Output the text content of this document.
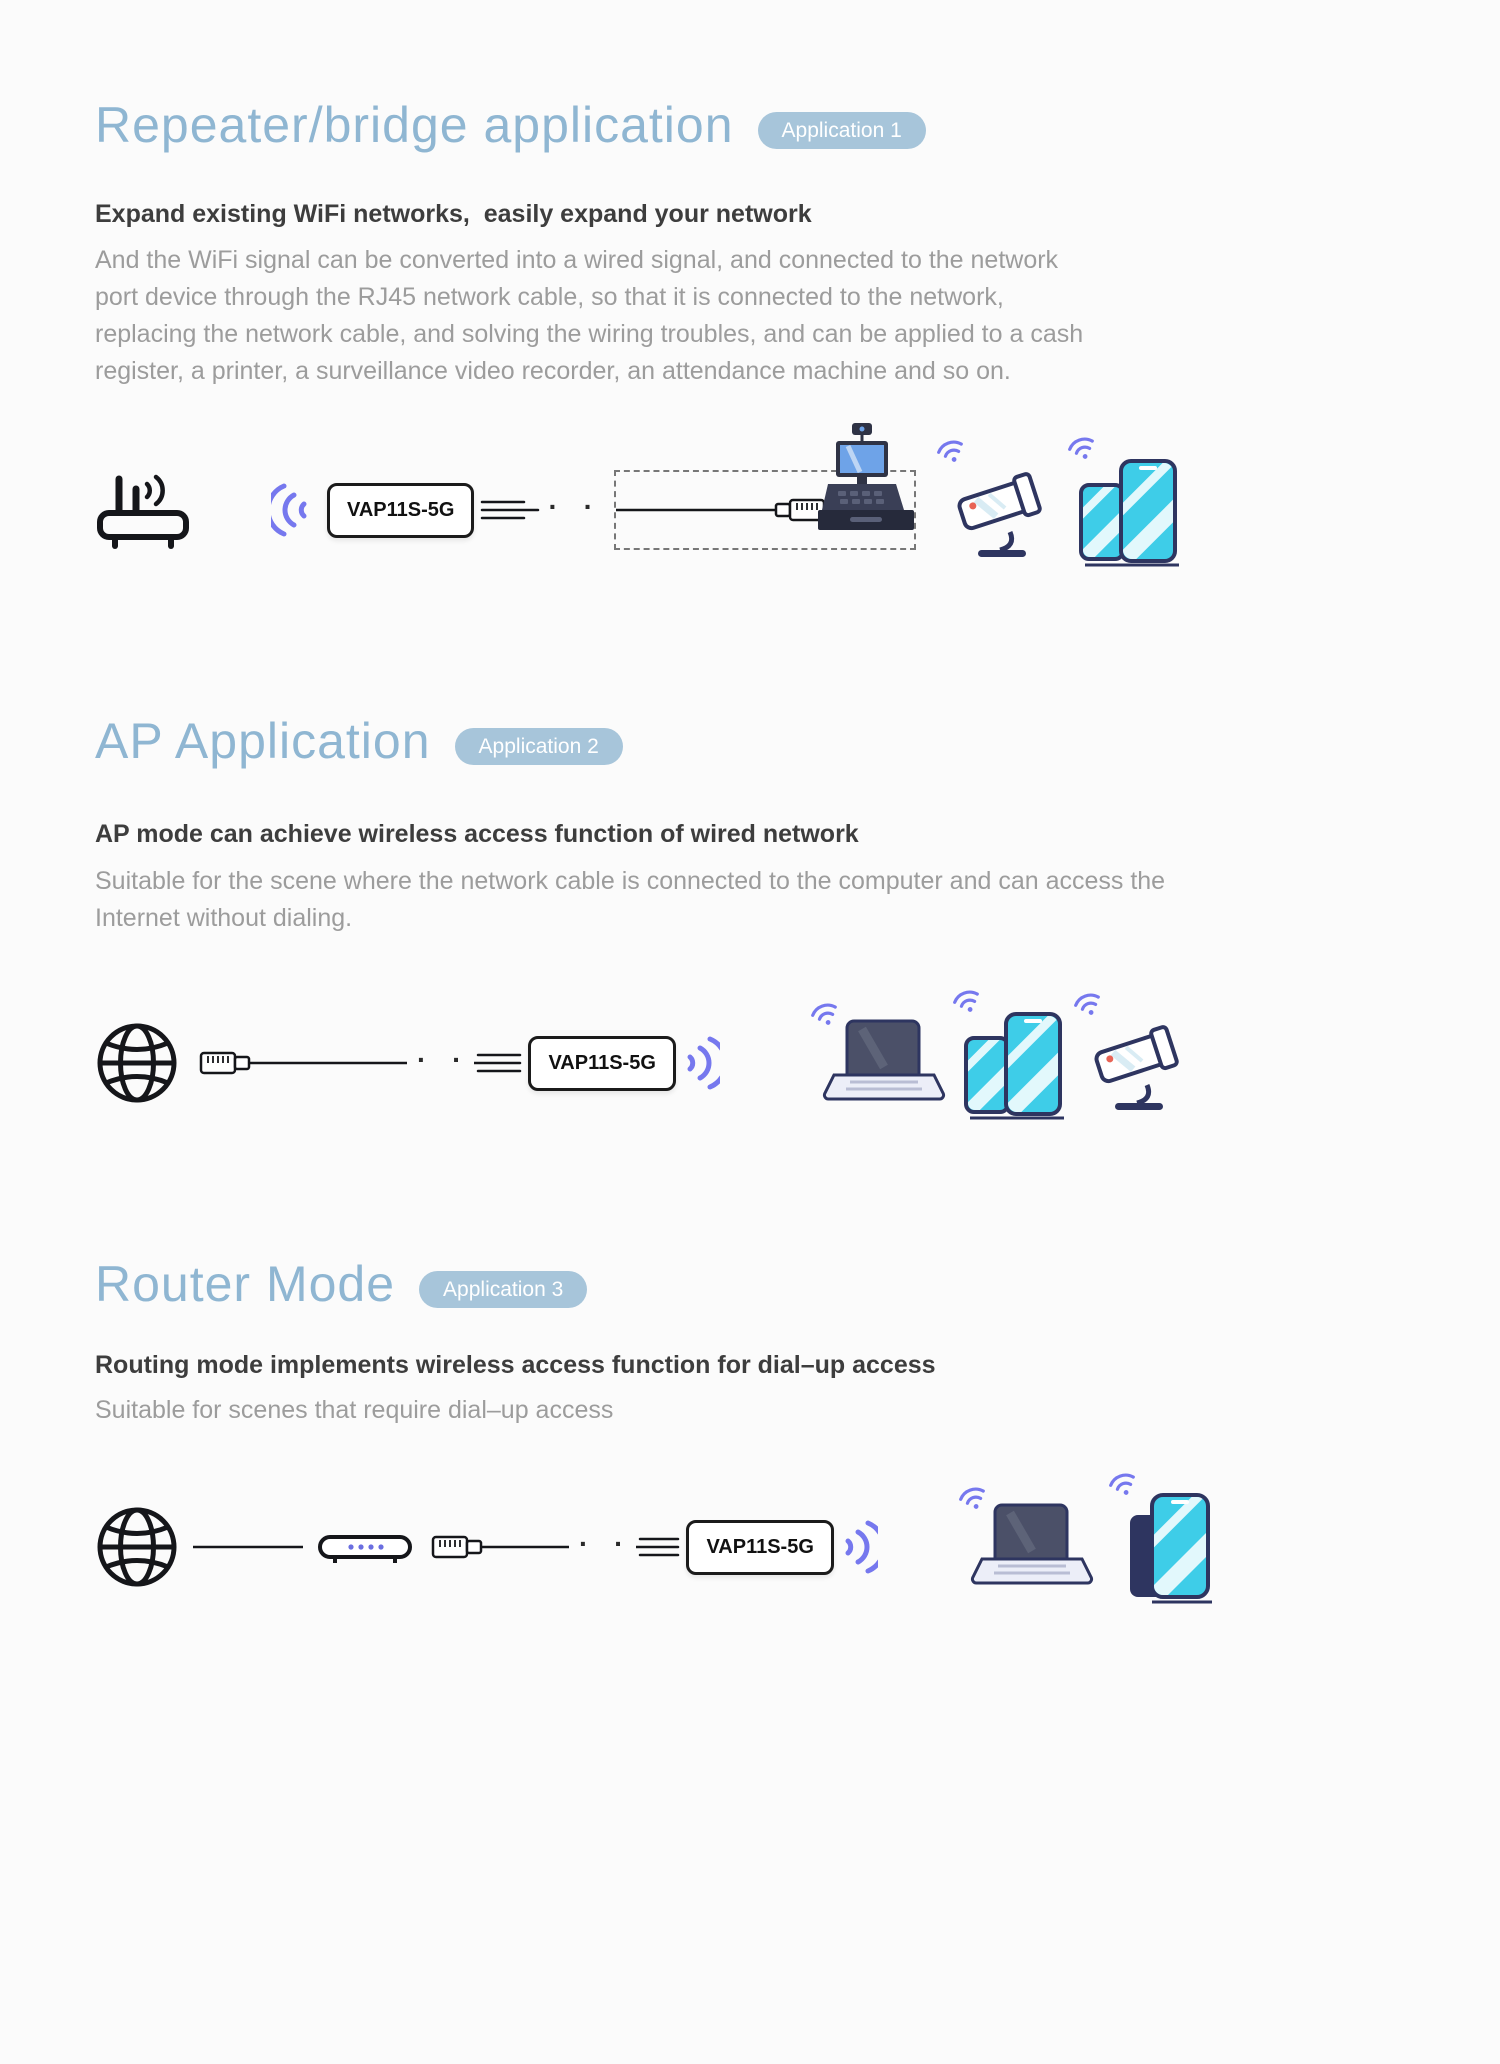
Repeater/bridge application	Application 1
Expand existing WiFi networks,  easily expand your network

And the WiFi signal can be converted into a wired signal, and connected to the network port device through the RJ45 network cable, so that it is connected to the network, replacing the network cable, and solving the wiring troubles, and can be applied to a cash register, a printer, a surveillance video recorder, an attendance machine and so on.

VAP11S-5G	· ·
AP Application	Application 2
AP mode can achieve wireless access function of wired network

Suitable for the scene where the network cable is connected to the computer and can access the Internet without dialing.

· ·	VAP11S-5G
Router Mode	Application 3
Routing mode implements wireless access function for dial–up access

Suitable for scenes that require dial–up access

· ·	VAP11S-5G
